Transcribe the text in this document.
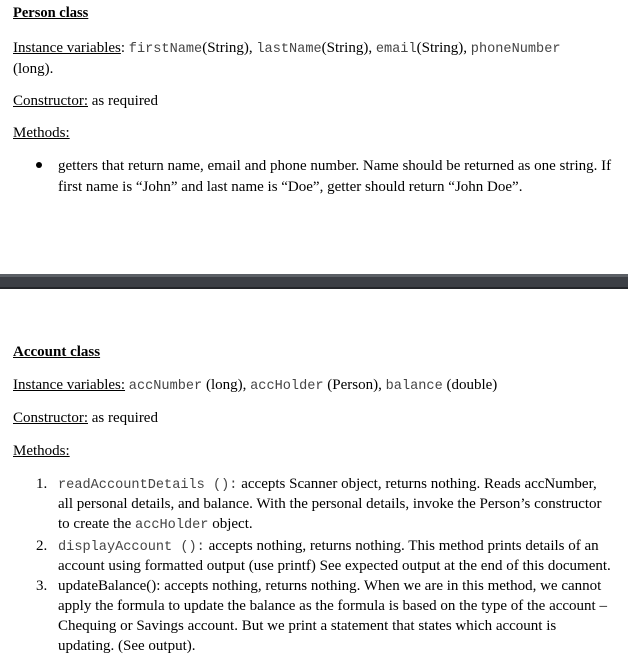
Person class
Instance variables: firstName(String), lastName(String), email(String), phoneNumber
(long).
Constructor: as required
Methods:
getters that return name, email and phone number. Name should be returned as one string. If
first name is “John” and last name is “Doe”, getter should return “John Doe”.
Account class
Instance variables: accNumber (long), accHolder (Person), balance (double)
Constructor: as required
Methods:
1. readAccountDetails (): accepts Scanner object, returns nothing. Reads accNumber,
all personal details, and balance. With the personal details, invoke the Person’s constructor
to create the accHolder object.
2. displayAccount (): accepts nothing, returns nothing. This method prints details of an
account using formatted output (use printf) See expected output at the end of this document.
3. updateBalance(): accepts nothing, returns nothing. When we are in this method, we cannot
apply the formula to update the balance as the formula is based on the type of the account –
Chequing or Savings account. But we print a statement that states which account is
updating. (See output).
